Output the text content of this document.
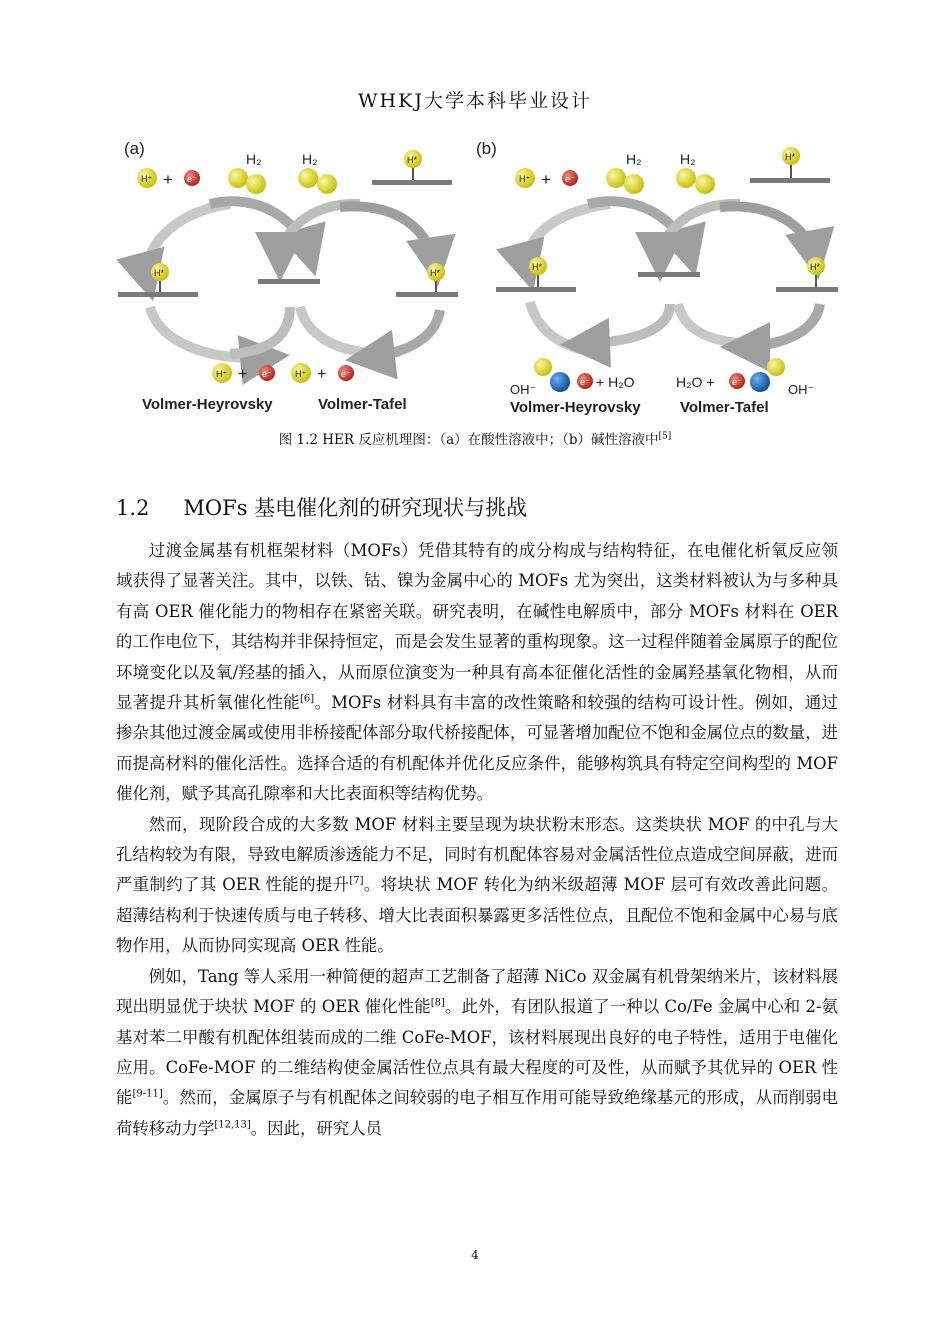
WHKJ大学本科毕业设计
(a)
H⁺ + e⁻
H₂	H₂	H*
H*	H*
H⁺ + e⁻	H⁺ + e⁻
Volmer-Heyrovsky	Volmer-Tafel
(b)
H⁺ + e⁻
H₂	H₂	H*
H*	H*
OH⁻	e⁻ + H₂O	H₂O + e⁻	OH⁻
Volmer-Heyrovsky	Volmer-Tafel
图 1.2 HER 反应机理图：（a）在酸性溶液中；（b）碱性溶液中[5]
1.2 MOFs 基电催化剂的研究现状与挑战

过渡金属基有机框架材料（MOFs）凭借其特有的成分构成与结构特征，在电催化析氧反应领域获得了显著关注。其中，以铁、钴、镍为金属中心的 MOFs 尤为突出，这类材料被认为与多种具有高 OER 催化能力的物相存在紧密关联。研究表明，在碱性电解质中，部分 MOFs 材料在 OER 的工作电位下，其结构并非保持恒定，而是会发生显著的重构现象。这一过程伴随着金属原子的配位环境变化以及氧/羟基的插入，从而原位演变为一种具有高本征催化活性的金属羟基氧化物相，从而显著提升其析氧催化性能[6]。MOFs 材料具有丰富的改性策略和较强的结构可设计性。例如，通过掺杂其他过渡金属或使用非桥接配体部分取代桥接配体，可显著增加配位不饱和金属位点的数量，进而提高材料的催化活性。选择合适的有机配体并优化反应条件，能够构筑具有特定空间构型的 MOF 催化剂，赋予其高孔隙率和大比表面积等结构优势。

然而，现阶段合成的大多数 MOF 材料主要呈现为块状粉末形态。这类块状 MOF 的中孔与大孔结构较为有限，导致电解质渗透能力不足，同时有机配体容易对金属活性位点造成空间屏蔽，进而严重制约了其 OER 性能的提升[7]。将块状 MOF 转化为纳米级超薄 MOF 层可有效改善此问题。超薄结构利于快速传质与电子转移、增大比表面积暴露更多活性位点，且配位不饱和金属中心易与底物作用，从而协同实现高 OER 性能。

例如，Tang 等人采用一种简便的超声工艺制备了超薄 NiCo 双金属有机骨架纳米片，该材料展现出明显优于块状 MOF 的 OER 催化性能[8]。此外，有团队报道了一种以 Co/Fe 金属中心和 2-氨基对苯二甲酸有机配体组装而成的二维 CoFe-MOF，该材料展现出良好的电子特性，适用于电催化应用。CoFe-MOF 的二维结构使金属活性位点具有最大程度的可及性，从而赋予其优异的 OER 性能[9-11]。然而，金属原子与有机配体之间较弱的电子相互作用可能导致绝缘基元的形成，从而削弱电荷转移动力学[12,13]。因此，研究人员

4
